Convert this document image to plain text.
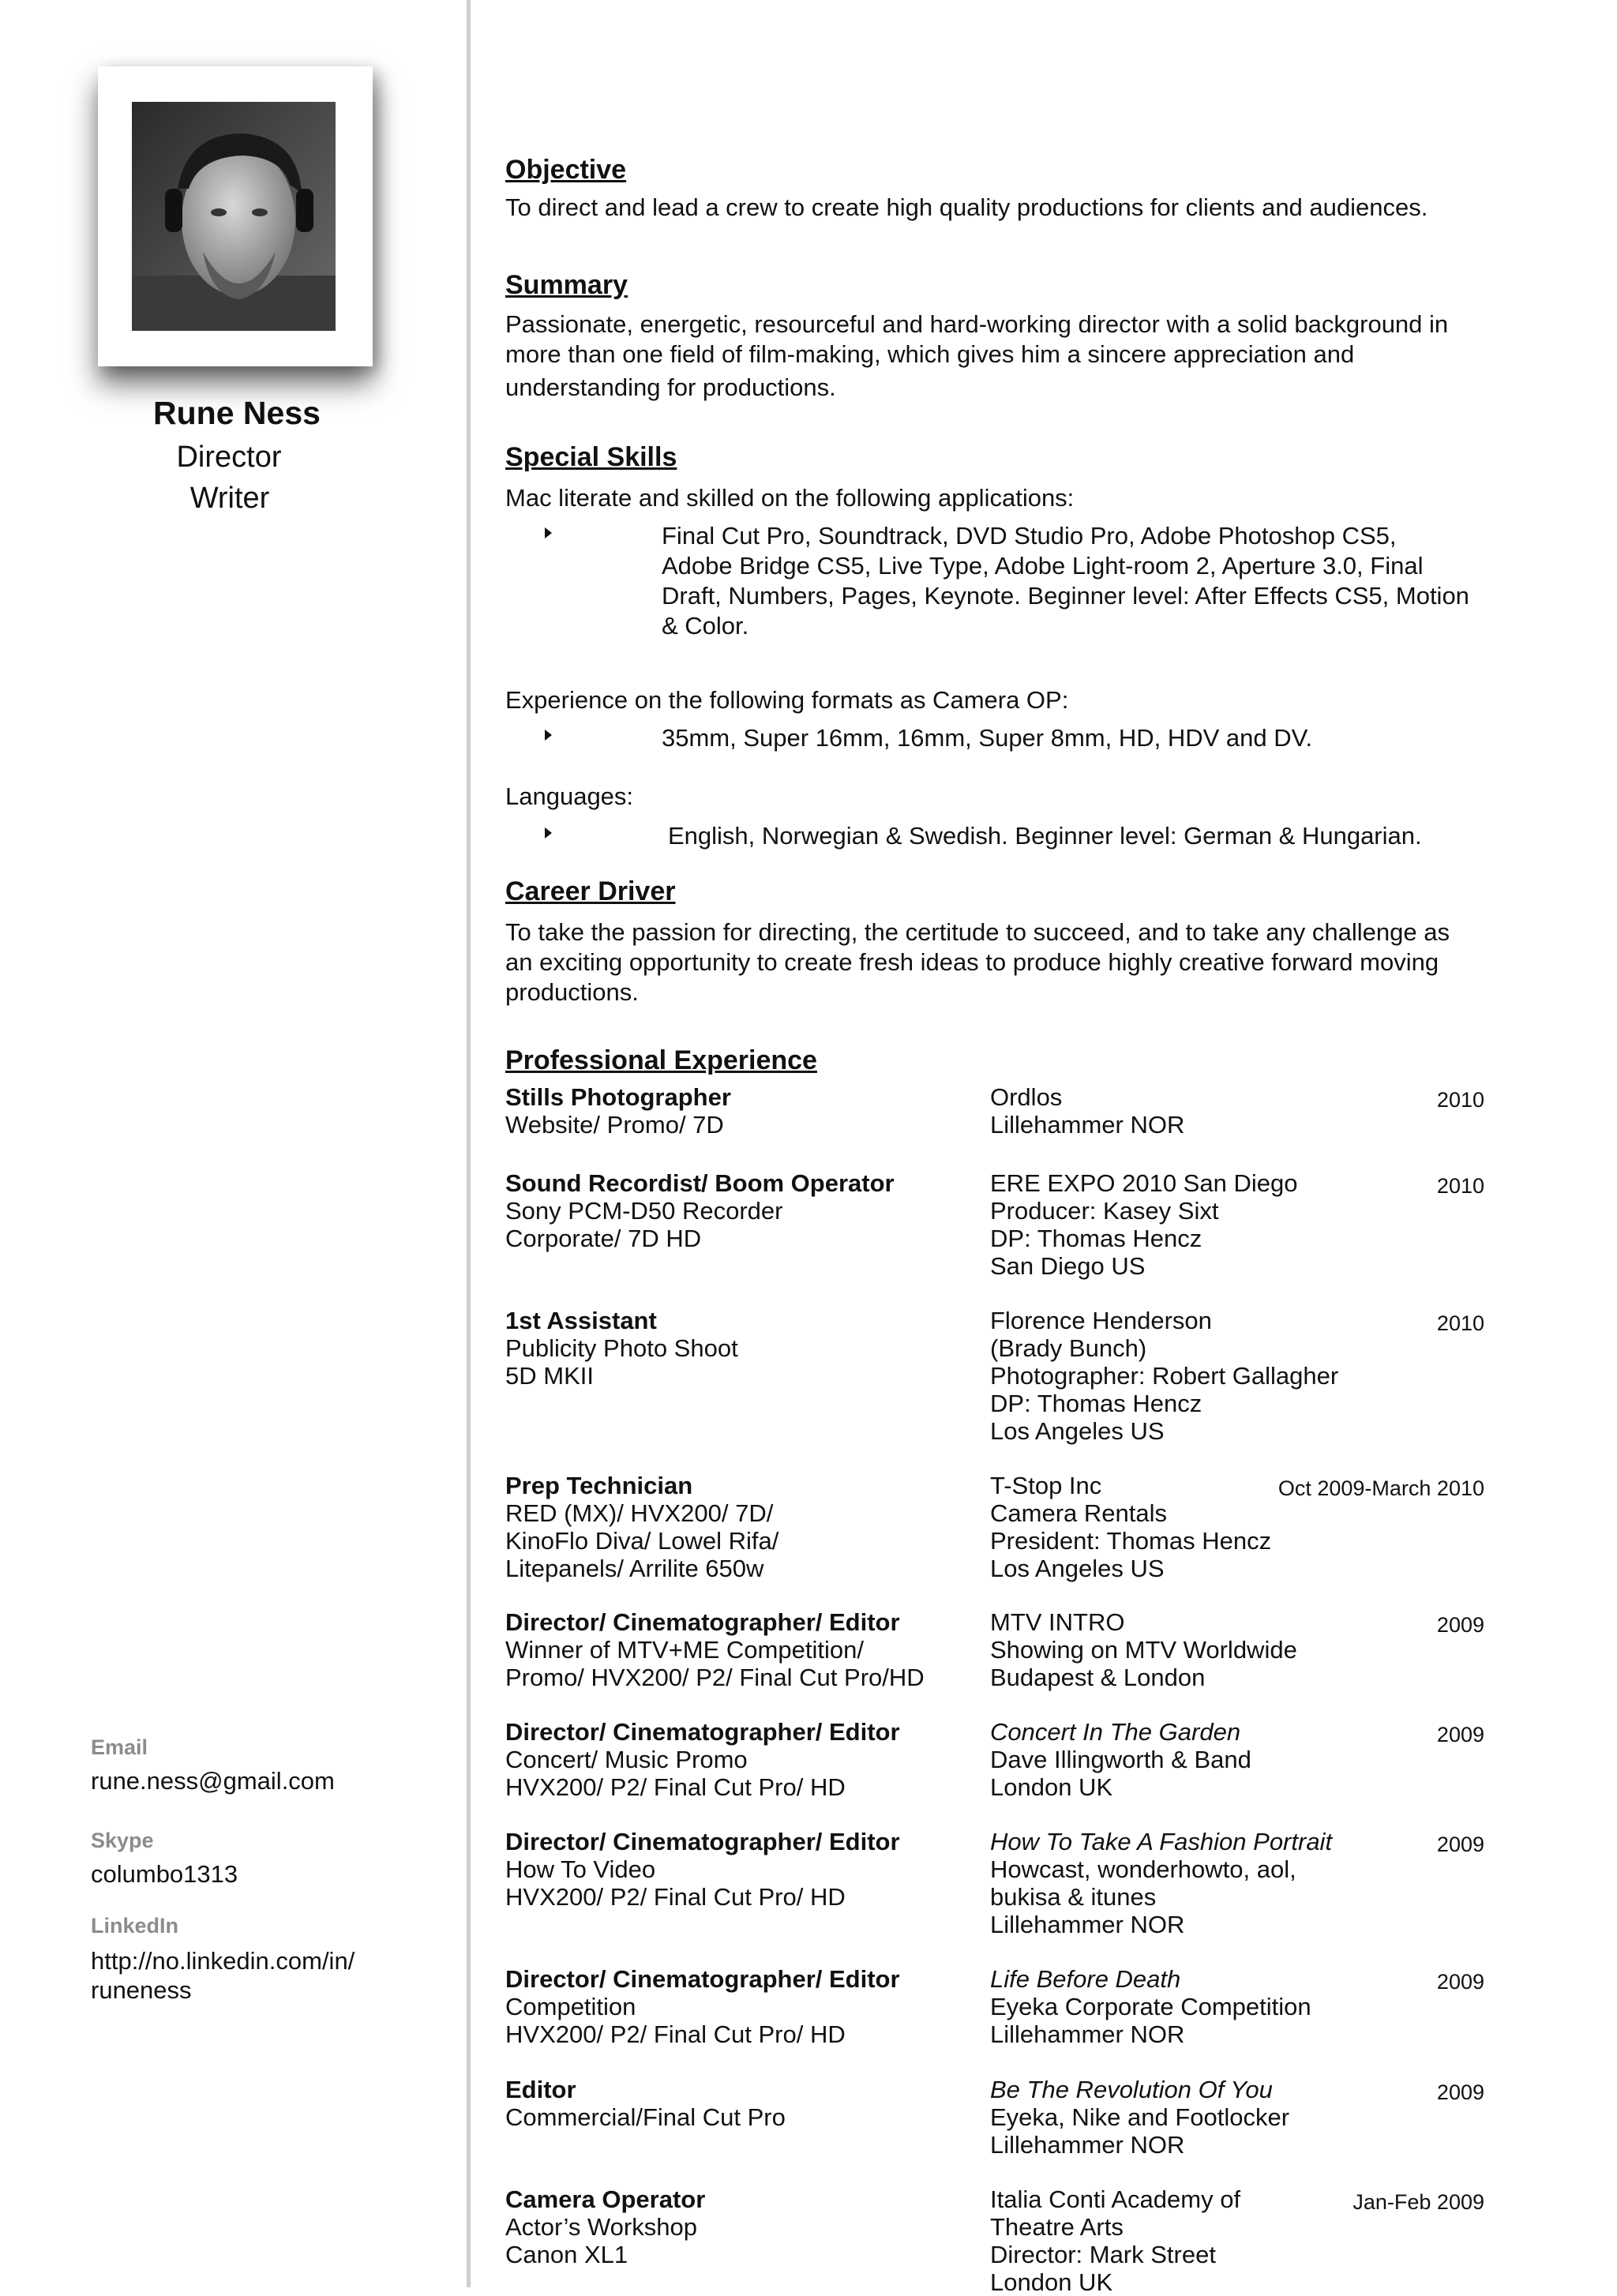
Rune Ness
Director
Writer
Email
rune.ness@gmail.com
Skype
columbo1313
LinkedIn
http://no.linkedin.com/in/
runeness
Objective
To direct and lead a crew to create high quality productions for clients and audiences.
Summary
Passionate, energetic, resourceful and hard-working director with a solid background in
more than one field of film-making, which gives him a sincere appreciation and
understanding for productions.
Special Skills
Mac literate and skilled on the following applications:
Final Cut Pro, Soundtrack, DVD Studio Pro, Adobe Photoshop CS5,
Adobe Bridge CS5, Live Type, Adobe Light-room 2, Aperture 3.0, Final
Draft, Numbers, Pages, Keynote. Beginner level: After Effects CS5, Motion
& Color.
Experience on the following formats as Camera OP:
35mm, Super 16mm, 16mm, Super 8mm, HD, HDV and DV.
Languages:
English, Norwegian & Swedish. Beginner level: German & Hungarian.
Career Driver
To take the passion for directing, the certitude to succeed, and to take any challenge as
an exciting opportunity to create fresh ideas to produce highly creative forward moving
productions.
Professional Experience
Stills Photographer
Website/ Promo/ 7D
Ordlos
Lillehammer NOR
2010
Sound Recordist/ Boom Operator
Sony PCM-D50 Recorder
Corporate/ 7D HD
ERE EXPO 2010 San Diego
Producer: Kasey Sixt
DP: Thomas Hencz
San Diego US
2010
1st Assistant
Publicity Photo Shoot
5D MKII
Florence Henderson
(Brady Bunch)
Photographer: Robert Gallagher
DP: Thomas Hencz
Los Angeles US
2010
Prep Technician
RED (MX)/ HVX200/ 7D/
KinoFlo Diva/ Lowel Rifa/
Litepanels/ Arrilite 650w
T-Stop Inc
Camera Rentals
President: Thomas Hencz
Los Angeles US
Oct 2009-March 2010
Director/ Cinematographer/ Editor
Winner of MTV+ME Competition/
Promo/ HVX200/ P2/ Final Cut Pro/HD
MTV INTRO
Showing on MTV Worldwide
Budapest & London
2009
Director/ Cinematographer/ Editor
Concert/ Music Promo
HVX200/ P2/ Final Cut Pro/ HD
Concert In The Garden
Dave Illingworth & Band
London UK
2009
Director/ Cinematographer/ Editor
How To Video
HVX200/ P2/ Final Cut Pro/ HD
How To Take A Fashion Portrait
Howcast, wonderhowto, aol,
bukisa & itunes
Lillehammer NOR
2009
Director/ Cinematographer/ Editor
Competition
HVX200/ P2/ Final Cut Pro/ HD
Life Before Death
Eyeka Corporate Competition
Lillehammer NOR
2009
Editor
Commercial/Final Cut Pro
Be The Revolution Of You
Eyeka, Nike and Footlocker
Lillehammer NOR
2009
Camera Operator
Actor’s Workshop
Canon XL1
Italia Conti Academy of
Theatre Arts
Director: Mark Street
London UK
Jan-Feb 2009
